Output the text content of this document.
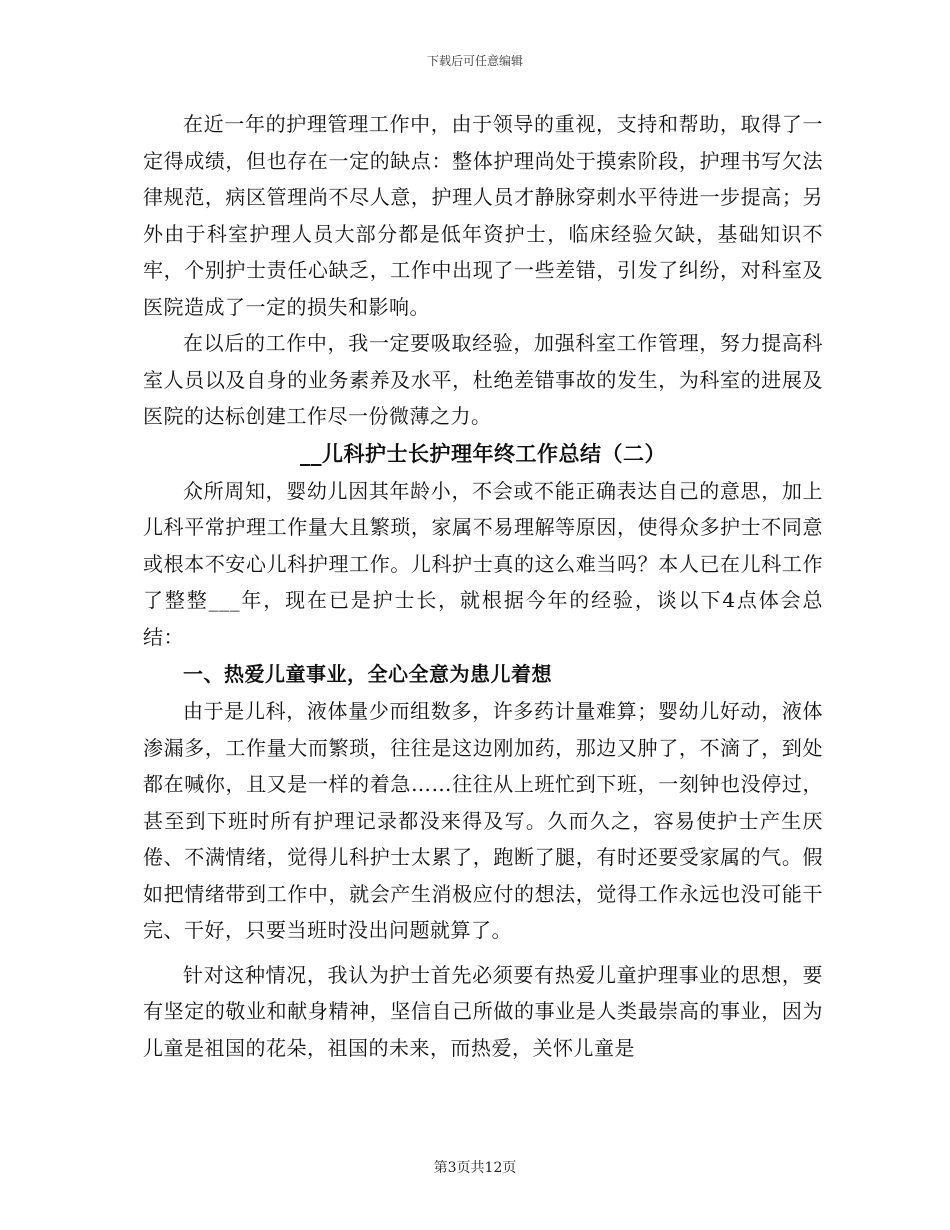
下载后可任意编辑

在近一年的护理管理工作中，由于领导的重视，支持和帮助，取得了一定得成绩，但也存在一定的缺点：整体护理尚处于摸索阶段，护理书写欠法律规范，病区管理尚不尽人意，护理人员才静脉穿刺水平待进一步提高；另外由于科室护理人员大部分都是低年资护士，临床经验欠缺，基础知识不牢，个别护士责任心缺乏，工作中出现了一些差错，引发了纠纷，对科室及医院造成了一定的损失和影响。

在以后的工作中，我一定要吸取经验，加强科室工作管理，努力提高科室人员以及自身的业务素养及水平，杜绝差错事故的发生，为科室的进展及医院的达标创建工作尽一份微薄之力。

__儿科护士长护理年终工作总结（二）

众所周知，婴幼儿因其年龄小，不会或不能正确表达自己的意思，加上儿科平常护理工作量大且繁琐，家属不易理解等原因，使得众多护士不同意或根本不安心儿科护理工作。儿科护士真的这么难当吗？本人已在儿科工作了整整___年，现在已是护士长，就根据今年的经验，谈以下4点体会总结：

一、热爱儿童事业，全心全意为患儿着想

由于是儿科，液体量少而组数多，许多药计量难算；婴幼儿好动，液体渗漏多，工作量大而繁琐，往往是这边刚加药，那边又肿了，不滴了，到处都在喊你，且又是一样的着急……往往从上班忙到下班，一刻钟也没停过，甚至到下班时所有护理记录都没来得及写。久而久之，容易使护士产生厌倦、不满情绪，觉得儿科护士太累了，跑断了腿，有时还要受家属的气。假如把情绪带到工作中，就会产生消极应付的想法，觉得工作永远也没可能干完、干好，只要当班时没出问题就算了。

针对这种情况，我认为护士首先必须要有热爱儿童护理事业的思想，要有坚定的敬业和献身精神，坚信自己所做的事业是人类最崇高的事业，因为儿童是祖国的花朵，祖国的未来，而热爱，关怀儿童是

第3页共12页
